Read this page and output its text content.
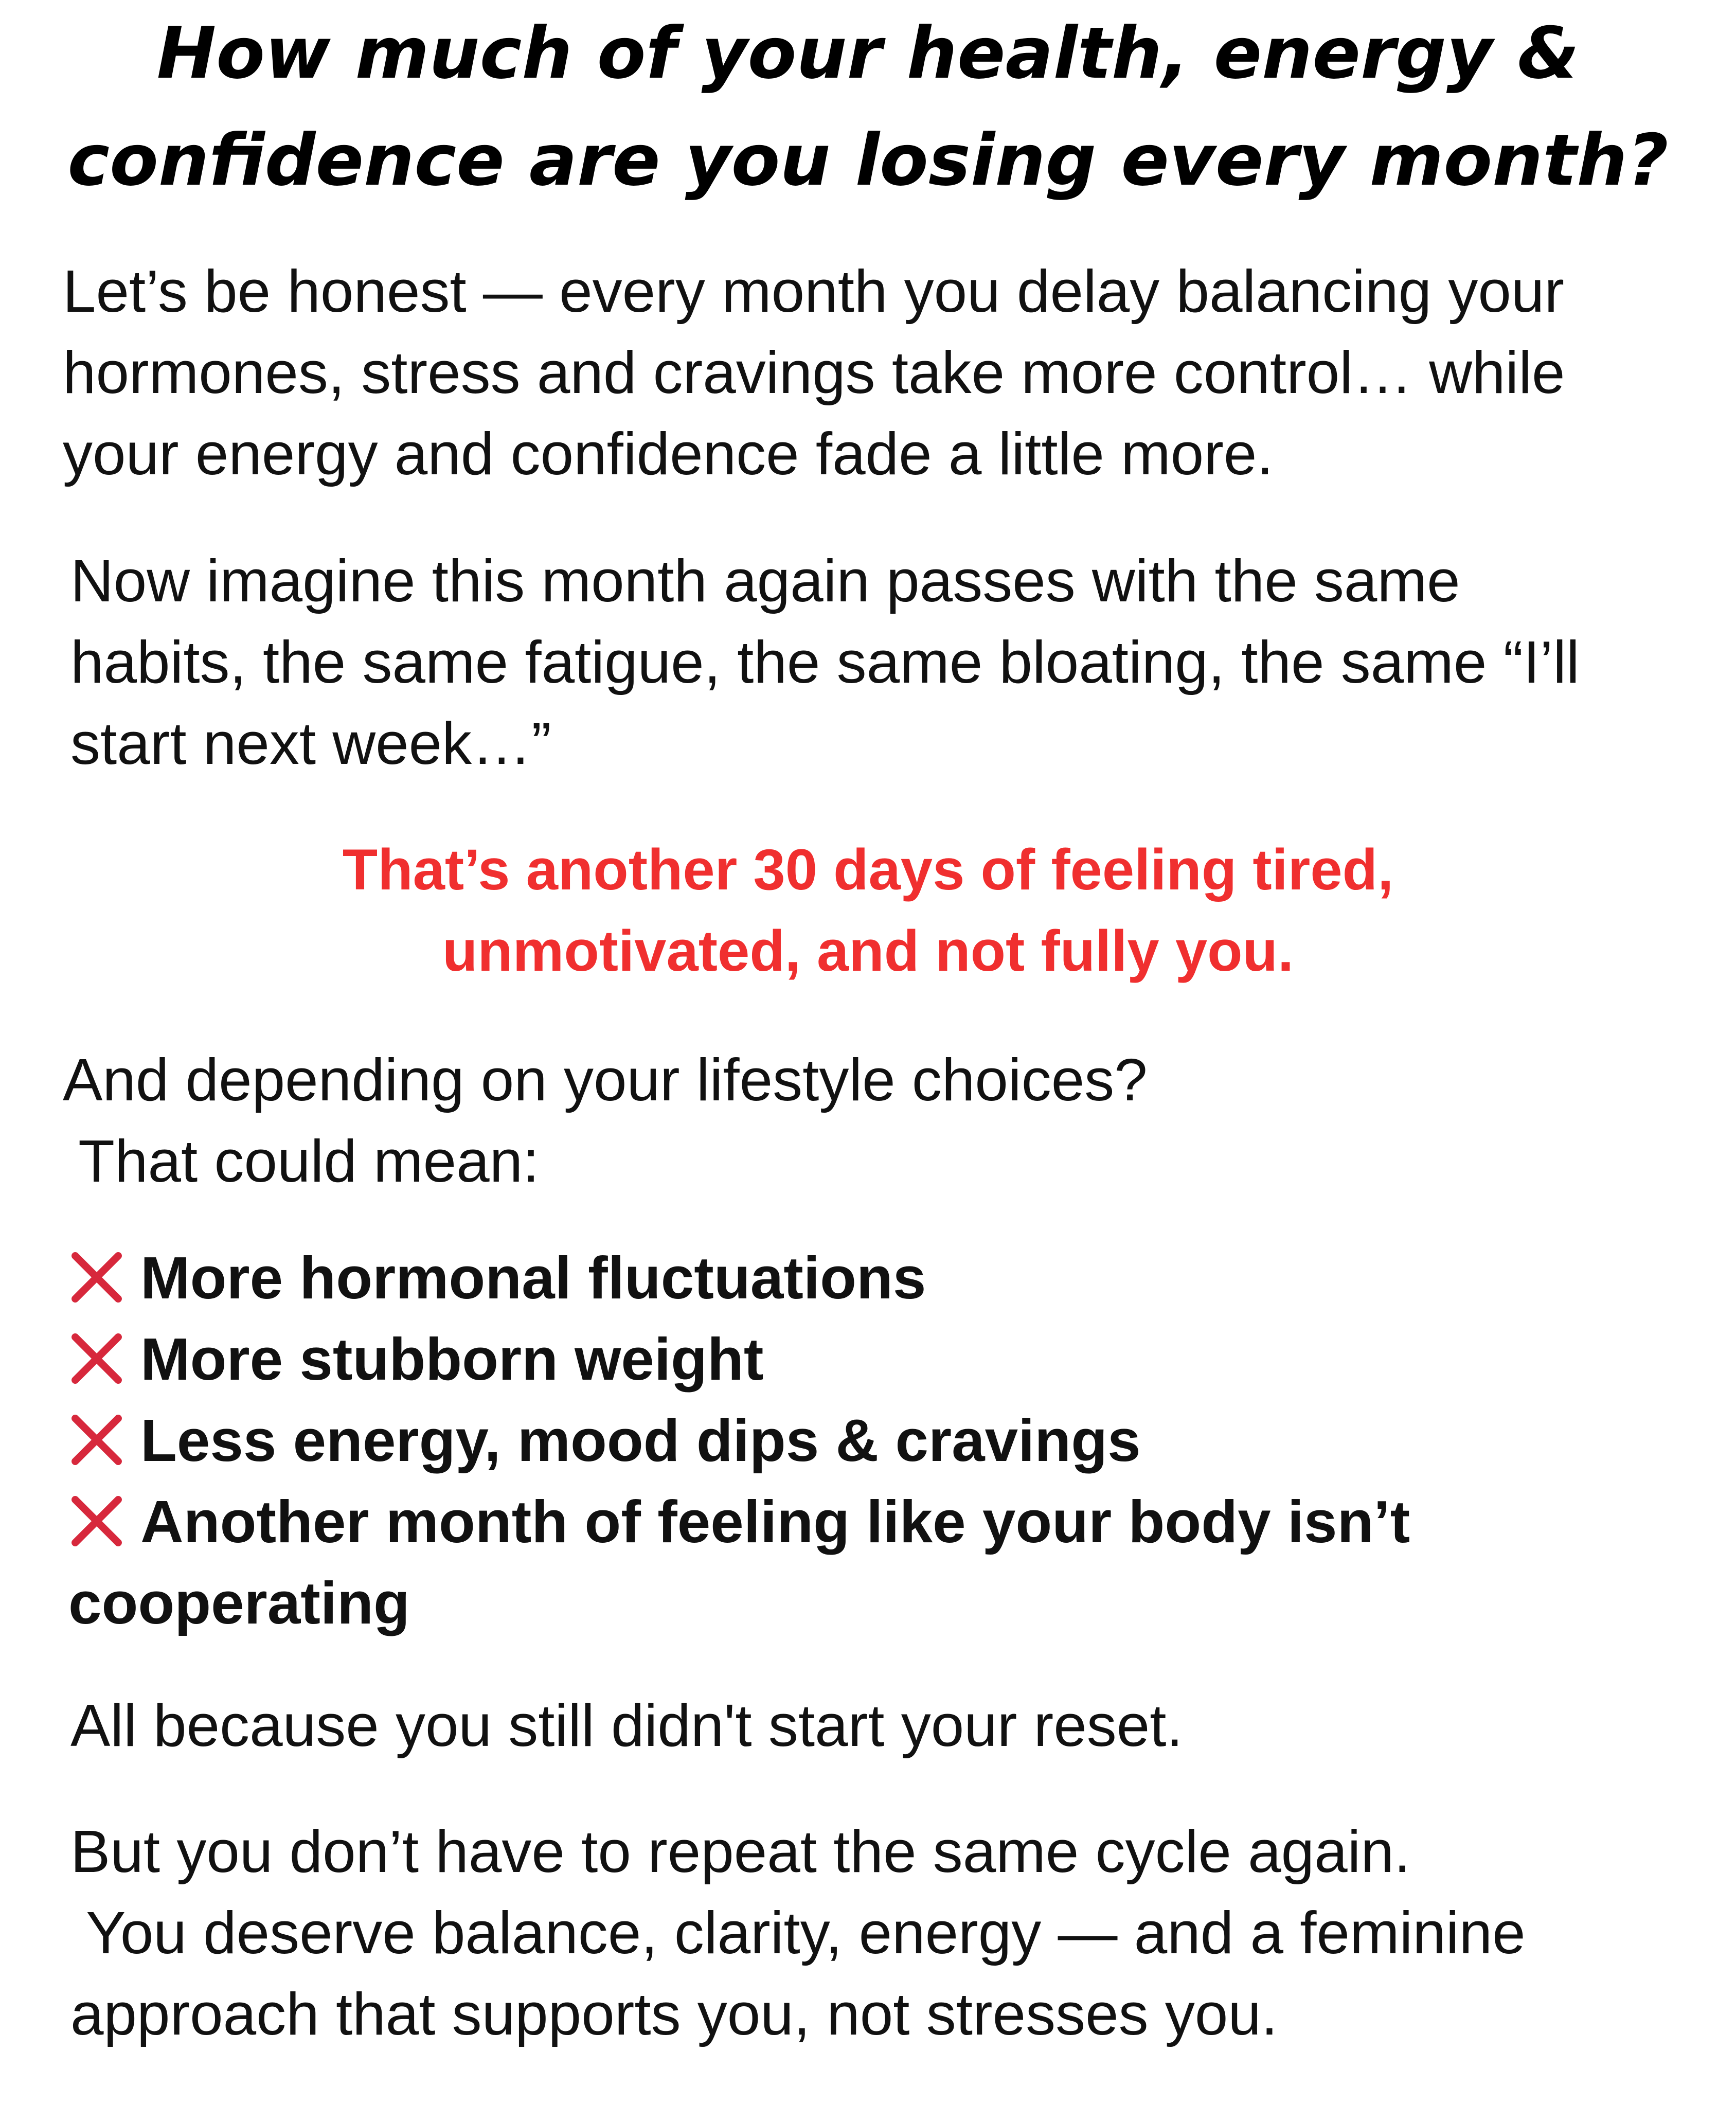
How much of your health, energy &
confidence are you losing every month?
Let’s be honest — every month you delay balancing your
hormones, stress and cravings take more control… while
your energy and confidence fade a little more.
Now imagine this month again passes with the same
habits, the same fatigue, the same bloating, the same “I’ll
start next week…”
That’s another 30 days of feeling tired,
unmotivated, and not fully you.
And depending on your lifestyle choices?
That could mean:
More hormonal fluctuations
More stubborn weight
Less energy, mood dips & cravings
Another month of feeling like your body isn’t
cooperating
All because you still didn't start your reset.
But you don’t have to repeat the same cycle again.
You deserve balance, clarity, energy — and a feminine
approach that supports you, not stresses you.
